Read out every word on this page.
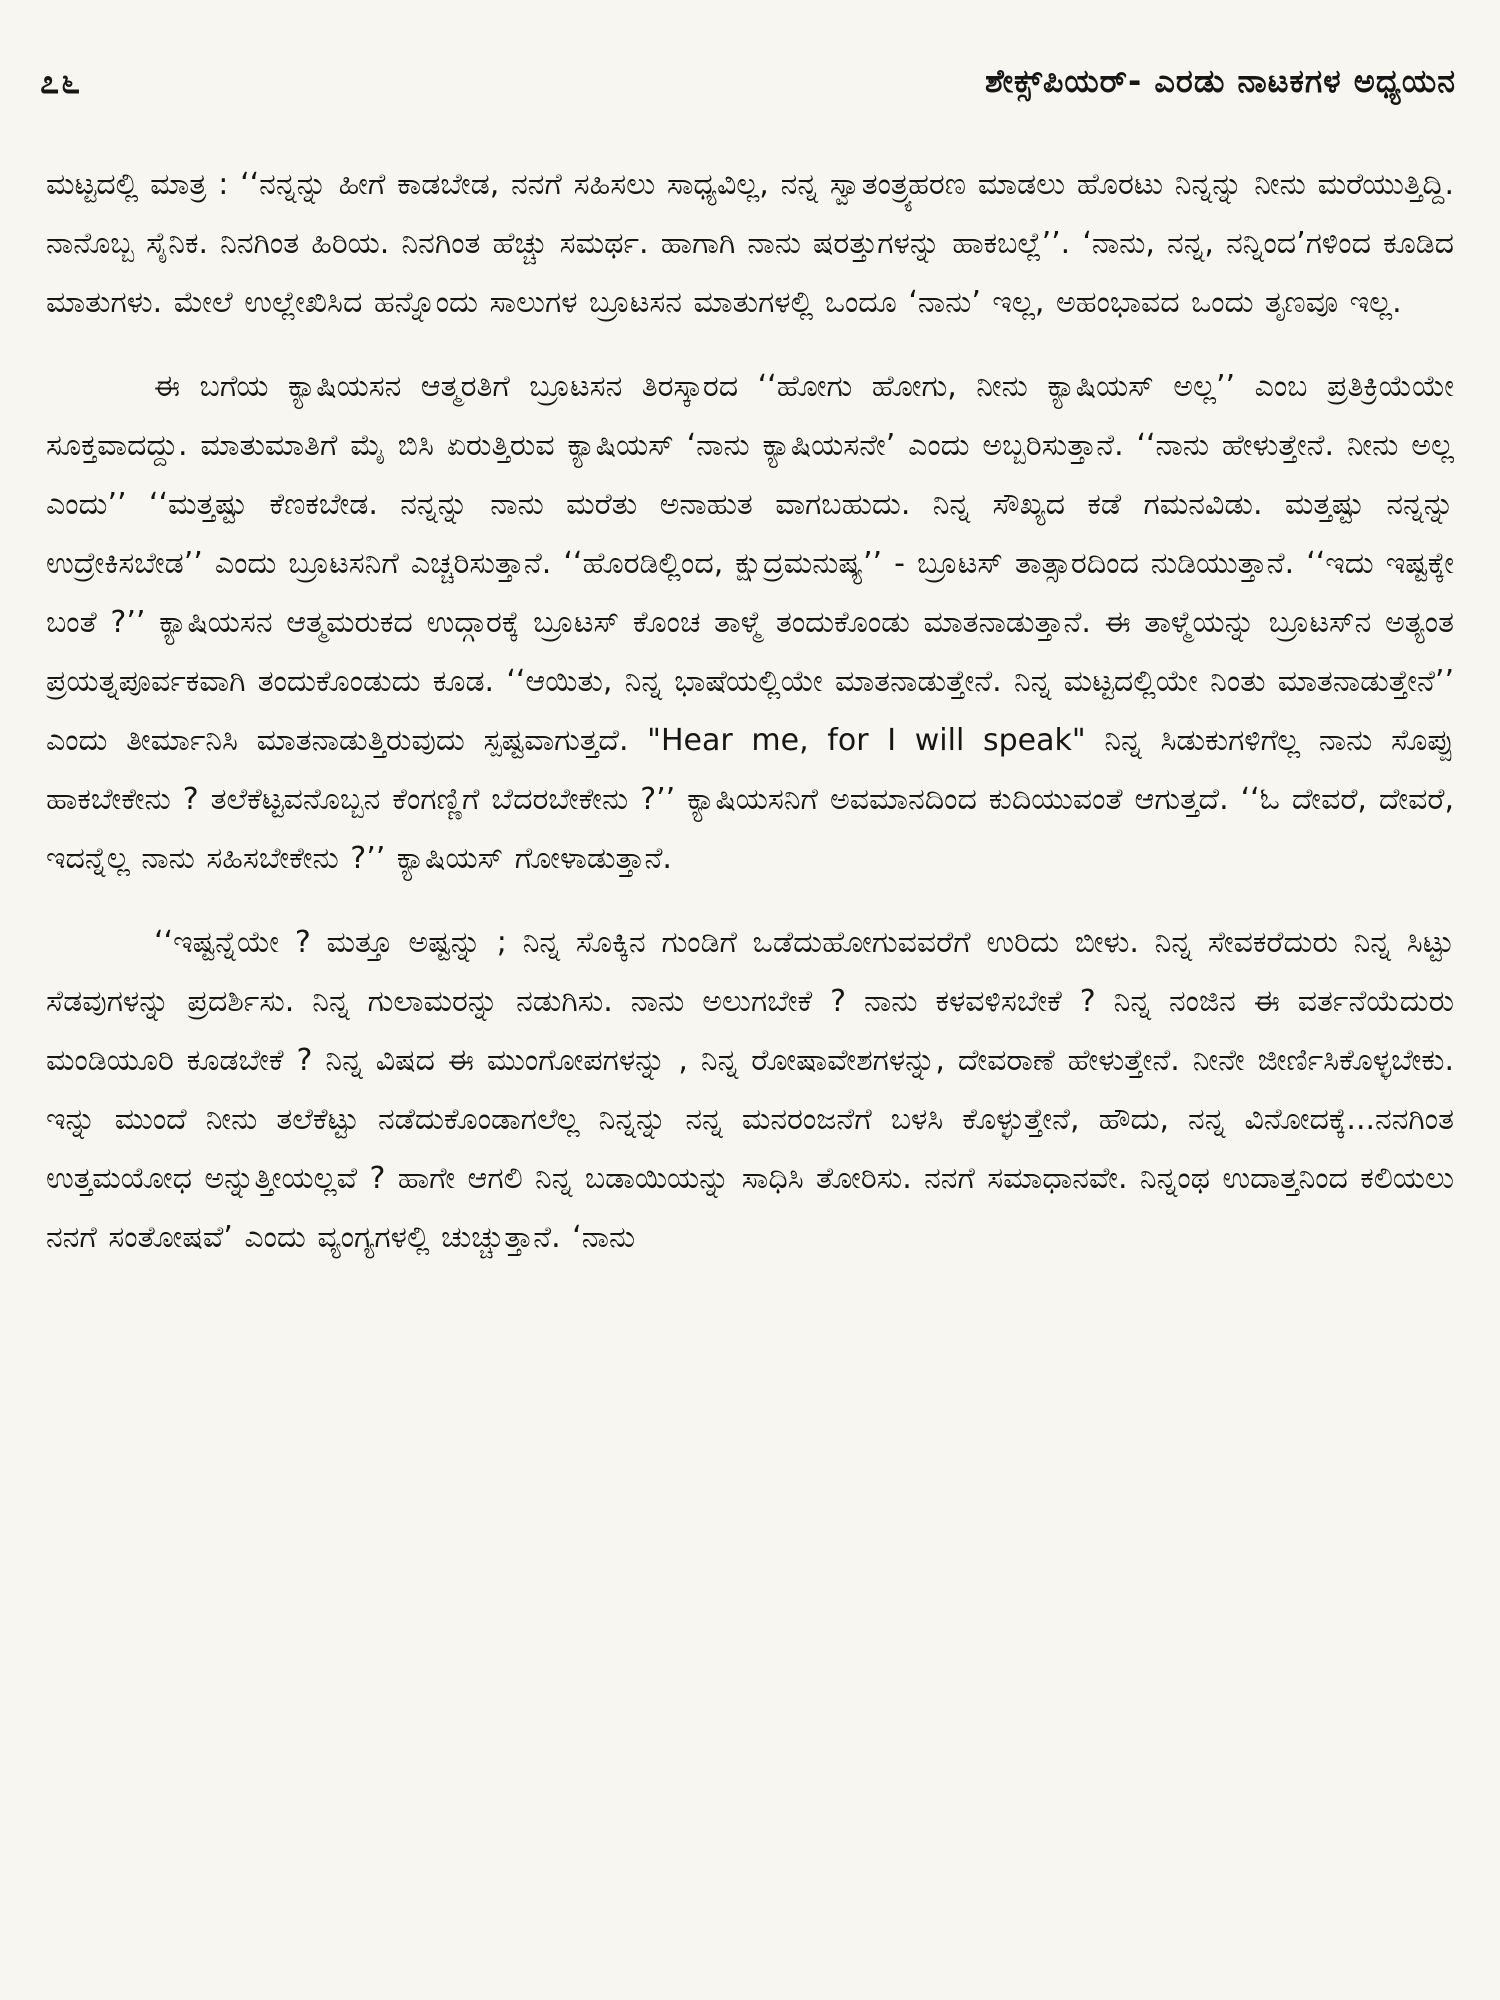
೭೬	ಶೇಕ್ಸ್‌ಪಿಯರ್‌- ಎರಡು ನಾಟಕಗಳ ಅಧ್ಯಯನ

ಮಟ್ಟದಲ್ಲಿ ಮಾತ್ರ : ‘‘ನನ್ನನ್ನು ಹೀಗೆ ಕಾಡಬೇಡ, ನನಗೆ ಸಹಿಸಲು ಸಾಧ್ಯವಿಲ್ಲ, ನನ್ನ ಸ್ವಾತಂತ್ರ್ಯಹರಣ ಮಾಡಲು ಹೊರಟು ನಿನ್ನನ್ನು ನೀನು ಮರೆಯುತ್ತಿದ್ದಿ. ನಾನೊಬ್ಬ ಸೈನಿಕ. ನಿನಗಿಂತ ಹಿರಿಯ. ನಿನಗಿಂತ ಹೆಚ್ಚು ಸಮರ್ಥ. ಹಾಗಾಗಿ ನಾನು ಷರತ್ತುಗಳನ್ನು ಹಾಕಬಲ್ಲೆ’’. ‘ನಾನು, ನನ್ನ, ನನ್ನಿಂದ’ಗಳಿಂದ ಕೂಡಿದ ಮಾತುಗಳು. ಮೇಲೆ ಉಲ್ಲೇಖಿಸಿದ ಹನ್ನೊಂದು ಸಾಲುಗಳ ಬ್ರೂಟಸನ ಮಾತುಗಳಲ್ಲಿ ಒಂದೂ ‘ನಾನು’ ಇಲ್ಲ, ಅಹಂಭಾವದ ಒಂದು ತೃಣವೂ ಇಲ್ಲ.

ಈ ಬಗೆಯ ಕ್ಯಾಷಿಯಸನ ಆತ್ಮರತಿಗೆ ಬ್ರೂಟಸನ ತಿರಸ್ಕಾರದ ‘‘ಹೋಗು ಹೋಗು, ನೀನು ಕ್ಯಾಷಿಯಸ್ ಅಲ್ಲ’’ ಎಂಬ ಪ್ರತಿಕ್ರಿಯೆಯೇ ಸೂಕ್ತವಾದದ್ದು. ಮಾತುಮಾತಿಗೆ ಮೈ ಬಿಸಿ ಏರುತ್ತಿರುವ ಕ್ಯಾಷಿಯಸ್ ‘ನಾನು ಕ್ಯಾಷಿಯಸನೇ’ ಎಂದು ಅಬ್ಬರಿಸುತ್ತಾನೆ. ‘‘ನಾನು ಹೇಳುತ್ತೇನೆ. ನೀನು ಅಲ್ಲ ಎಂದು’’ ‘‘ಮತ್ತಷ್ಟು ಕೆಣಕಬೇಡ. ನನ್ನನ್ನು ನಾನು ಮರೆತು ಅನಾಹುತ ವಾಗಬಹುದು. ನಿನ್ನ ಸೌಖ್ಯದ ಕಡೆ ಗಮನವಿಡು. ಮತ್ತಷ್ಟು ನನ್ನನ್ನು ಉದ್ರೇಕಿಸಬೇಡ’’ ಎಂದು ಬ್ರೂಟಸನಿಗೆ ಎಚ್ಚರಿಸುತ್ತಾನೆ. ‘‘ಹೊರಡಿಲ್ಲಿಂದ, ಕ್ಷುದ್ರಮನುಷ್ಯ’’ - ಬ್ರೂಟಸ್ ತಾತ್ಸಾರದಿಂದ ನುಡಿಯುತ್ತಾನೆ. ‘‘ಇದು ಇಷ್ಟಕ್ಕೇ ಬಂತೆ ?’’ ಕ್ಯಾಷಿಯಸನ ಆತ್ಮಮರುಕದ ಉದ್ಗಾರಕ್ಕೆ ಬ್ರೂಟಸ್ ಕೊಂಚ ತಾಳ್ಮೆ ತಂದುಕೊಂಡು ಮಾತನಾಡುತ್ತಾನೆ. ಈ ತಾಳ್ಮೆಯನ್ನು ಬ್ರೂಟಸ್‌ನ ಅತ್ಯಂತ ಪ್ರಯತ್ನಪೂರ್ವಕವಾಗಿ ತಂದುಕೊಂಡುದು ಕೂಡ. ‘‘ಆಯಿತು, ನಿನ್ನ ಭಾಷೆಯಲ್ಲಿಯೇ ಮಾತನಾಡುತ್ತೇನೆ. ನಿನ್ನ ಮಟ್ಟದಲ್ಲಿಯೇ ನಿಂತು ಮಾತನಾಡುತ್ತೇನೆ’’ ಎಂದು ತೀರ್ಮಾನಿಸಿ ಮಾತನಾಡುತ್ತಿರುವುದು ಸ್ಪಷ್ಟವಾಗುತ್ತದೆ. "Hear me, for I will speak" ನಿನ್ನ ಸಿಡುಕುಗಳಿಗೆಲ್ಲ ನಾನು ಸೊಪ್ಪು ಹಾಕಬೇಕೇನು ? ತಲೆಕೆಟ್ಟವನೊಬ್ಬನ ಕೆಂಗಣ್ಣಿಗೆ ಬೆದರಬೇಕೇನು ?’’ ಕ್ಯಾಷಿಯಸನಿಗೆ ಅವಮಾನದಿಂದ ಕುದಿಯುವಂತೆ ಆಗುತ್ತದೆ. ‘‘ಓ ದೇವರೆ, ದೇವರೆ, ಇದನ್ನೆಲ್ಲ ನಾನು ಸಹಿಸಬೇಕೇನು ?’’ ಕ್ಯಾಷಿಯಸ್ ಗೋಳಾಡುತ್ತಾನೆ.

‘‘ಇಷ್ಟನ್ನೆಯೇ ? ಮತ್ತೂ ಅಷ್ಟನ್ನು ; ನಿನ್ನ ಸೊಕ್ಕಿನ ಗುಂಡಿಗೆ ಒಡೆದುಹೋಗುವವರೆಗೆ ಉರಿದು ಬೀಳು. ನಿನ್ನ ಸೇವಕರೆದುರು ನಿನ್ನ ಸಿಟ್ಟು ಸೆಡವುಗಳನ್ನು ಪ್ರದರ್ಶಿಸು. ನಿನ್ನ ಗುಲಾಮರನ್ನು ನಡುಗಿಸು. ನಾನು ಅಲುಗಬೇಕೆ ? ನಾನು ಕಳವಳಿಸಬೇಕೆ ? ನಿನ್ನ ನಂಜಿನ ಈ ವರ್ತನೆಯೆದುರು ಮಂಡಿಯೂರಿ ಕೂಡಬೇಕೆ ? ನಿನ್ನ ವಿಷದ ಈ ಮುಂಗೋಪಗಳನ್ನು , ನಿನ್ನ ರೋಷಾವೇಶಗಳನ್ನು, ದೇವರಾಣೆ ಹೇಳುತ್ತೇನೆ. ನೀನೇ ಜೀರ್ಣಿಸಿಕೊಳ್ಳಬೇಕು. ಇನ್ನು ಮುಂದೆ ನೀನು ತಲೆಕೆಟ್ಟು ನಡೆದುಕೊಂಡಾಗಲೆಲ್ಲ ನಿನ್ನನ್ನು ನನ್ನ ಮನರಂಜನೆಗೆ ಬಳಸಿ ಕೊಳ್ಳುತ್ತೇನೆ, ಹೌದು, ನನ್ನ ವಿನೋದಕ್ಕೆ...ನನಗಿಂತ ಉತ್ತಮಯೋಧ ಅನ್ನುತ್ತೀಯಲ್ಲವೆ ? ಹಾಗೇ ಆಗಲಿ ನಿನ್ನ ಬಡಾಯಿಯನ್ನು ಸಾಧಿಸಿ ತೋರಿಸು. ನನಗೆ ಸಮಾಧಾನವೇ. ನಿನ್ನಂಥ ಉದಾತ್ತನಿಂದ ಕಲಿಯಲು ನನಗೆ ಸಂತೋಷವೆ’ ಎಂದು ವ್ಯಂಗ್ಯಗಳಲ್ಲಿ ಚುಚ್ಚುತ್ತಾನೆ. ‘ನಾನು
